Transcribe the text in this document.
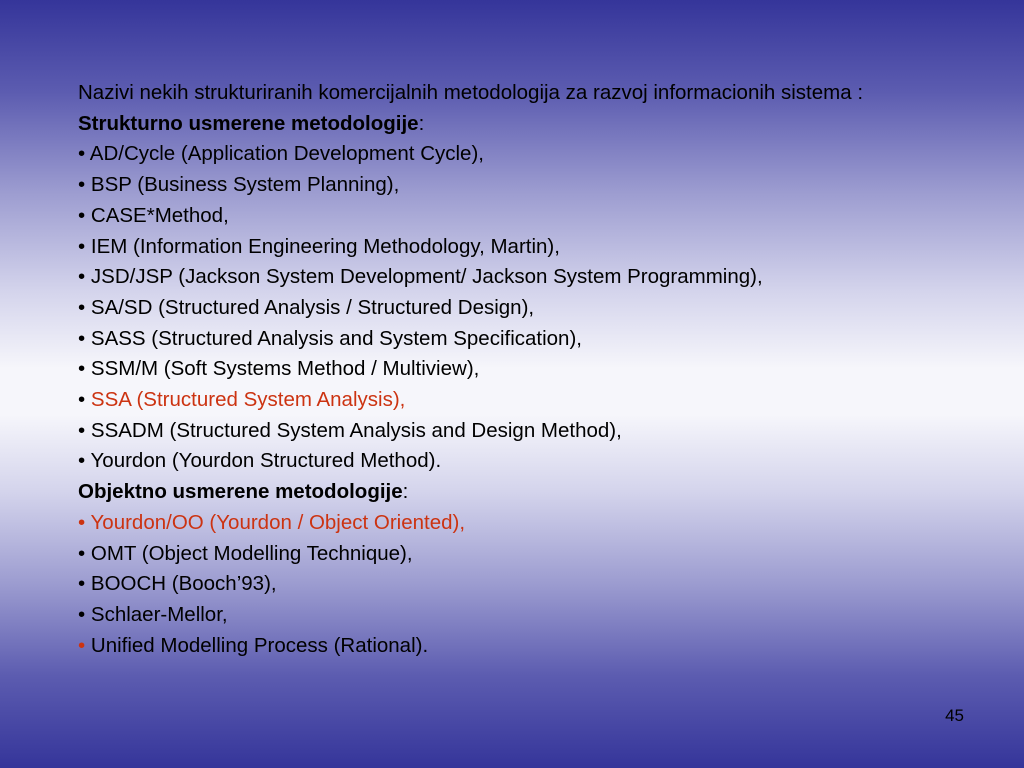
Nazivi nekih strukturiranih komercijalnih metodologija za razvoj informacionih sistema :

Strukturno usmerene metodologije:

• AD/Cycle (Application Development Cycle),

• BSP (Business System Planning),

• CASE*Method,

• IEM (Information Engineering Methodology, Martin),

• JSD/JSP (Jackson System Development/ Jackson System Programming),

• SA/SD (Structured Analysis / Structured Design),

• SASS (Structured Analysis and System Specification),

• SSM/M (Soft Systems Method / Multiview),

• SSA (Structured System Analysis),

• SSADM (Structured System Analysis and Design Method),

• Yourdon (Yourdon Structured Method).

Objektno usmerene metodologije:

• Yourdon/OO (Yourdon / Object Oriented),

• OMT (Object Modelling Technique),

• BOOCH (Booch’93),

• Schlaer-Mellor,

• Unified Modelling Process (Rational).

45
